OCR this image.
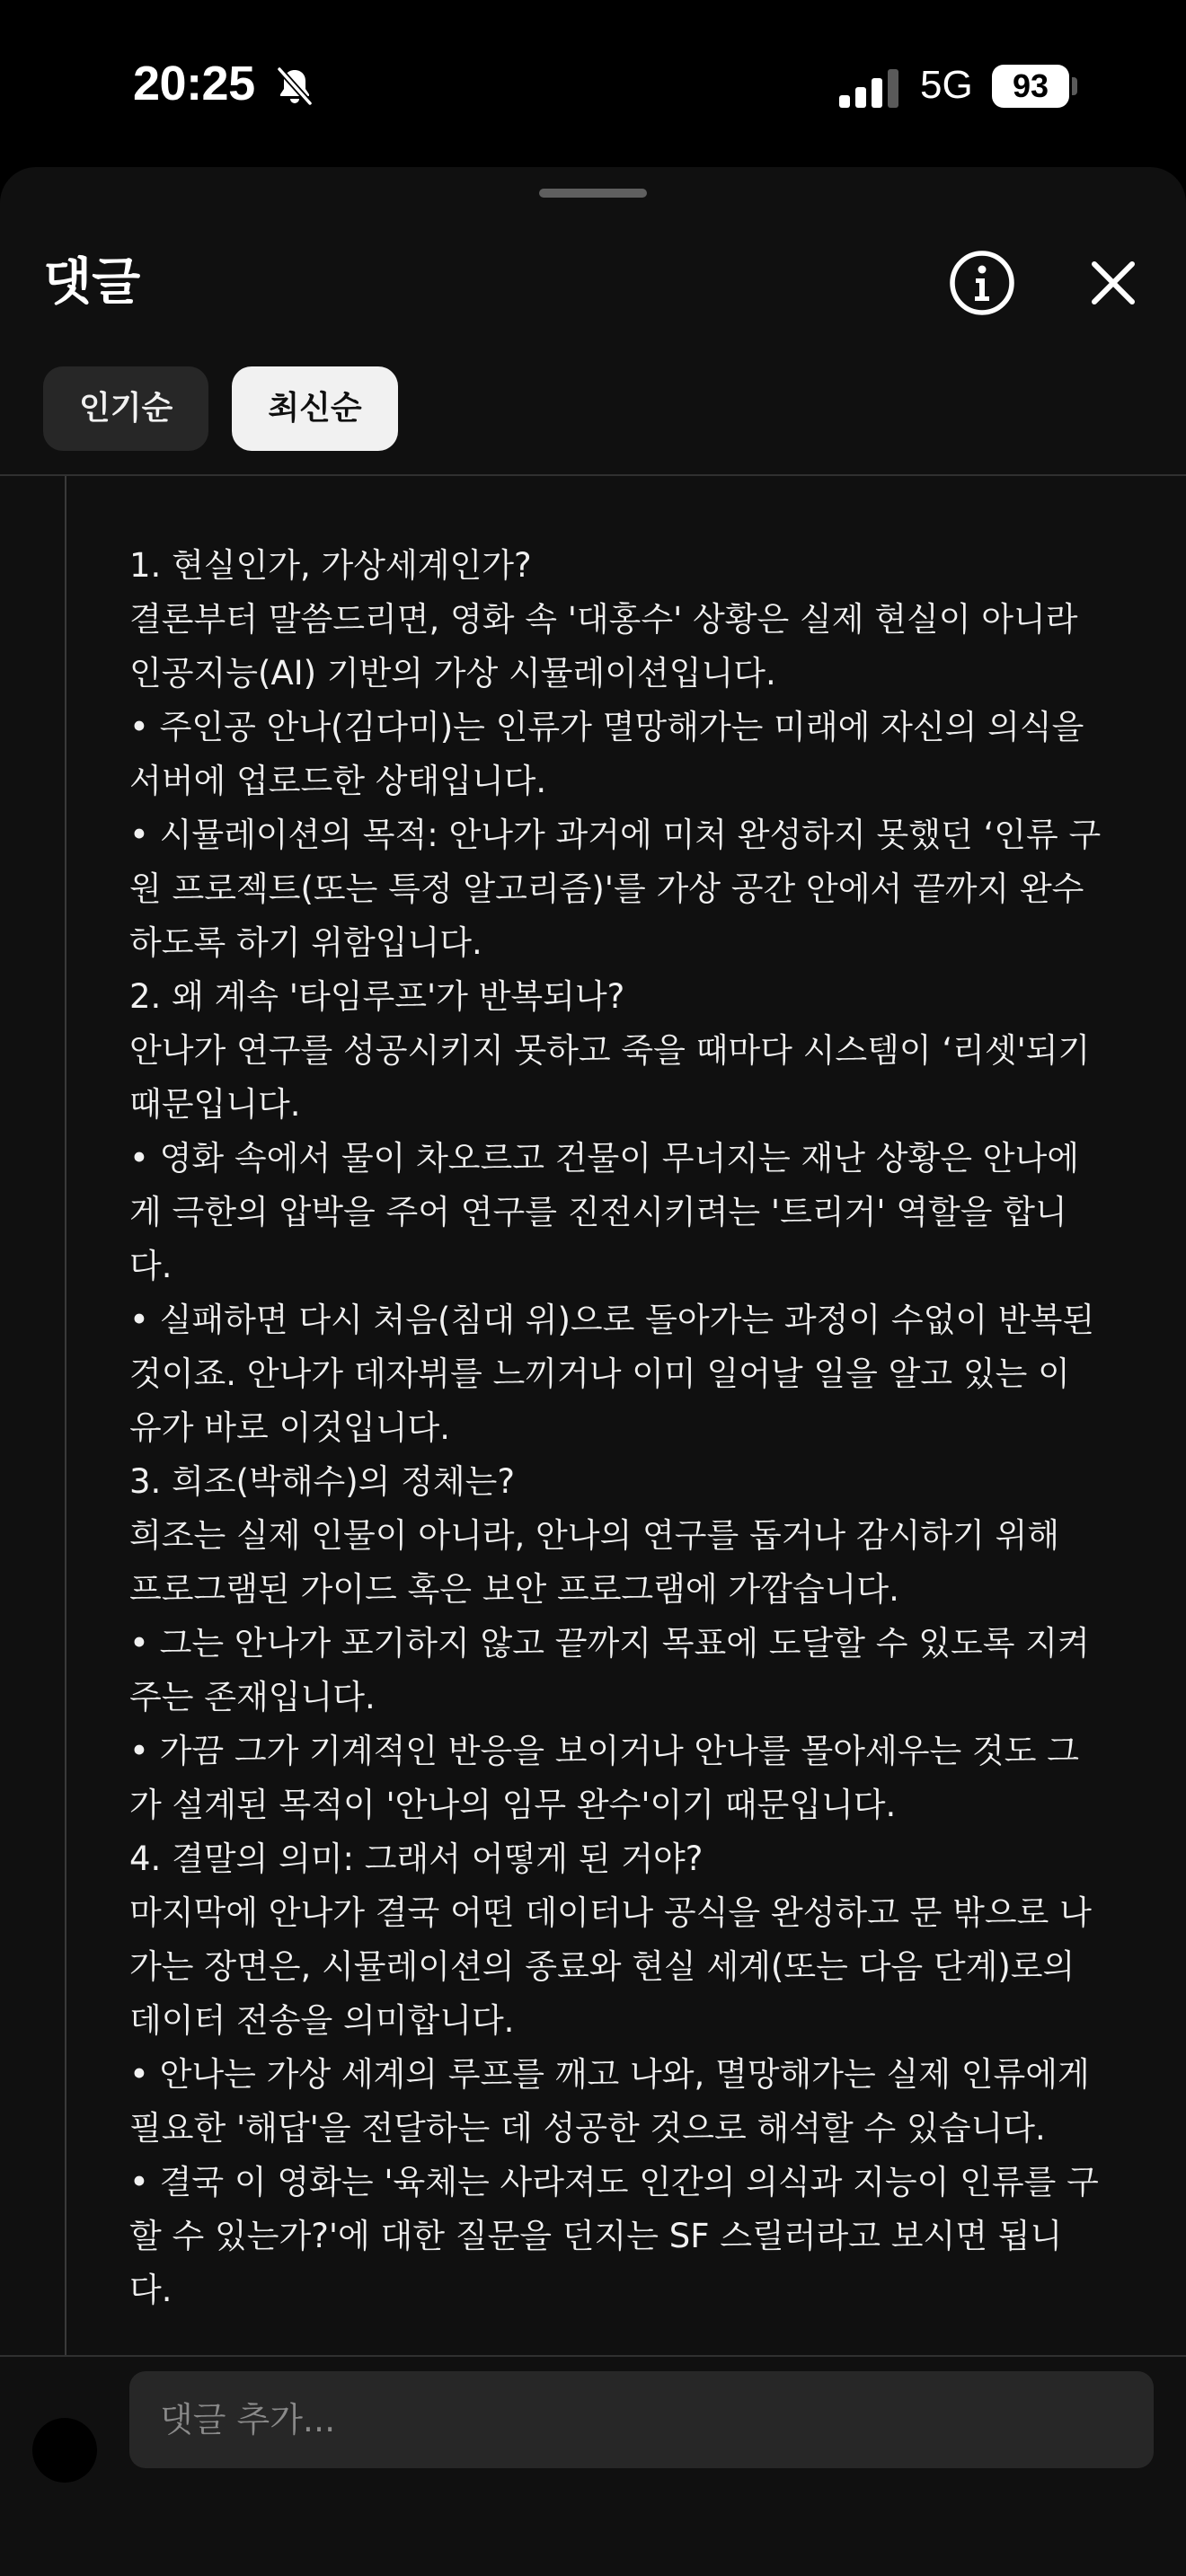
20:25	5G	93
댓글
인기순	최신순
1. 현실인가, 가상세계인가?
결론부터 말씀드리면, 영화 속 '대홍수' 상황은 실제 현실이 아니라
인공지능(AI) 기반의 가상 시뮬레이션입니다.
• 주인공 안나(김다미)는 인류가 멸망해가는 미래에 자신의 의식을
서버에 업로드한 상태입니다.
• 시뮬레이션의 목적: 안나가 과거에 미처 완성하지 못했던 ‘인류 구
원 프로젝트(또는 특정 알고리즘)'를 가상 공간 안에서 끝까지 완수
하도록 하기 위함입니다.
2. 왜 계속 '타임루프'가 반복되나?
안나가 연구를 성공시키지 못하고 죽을 때마다 시스템이 ‘리셋'되기
때문입니다.
• 영화 속에서 물이 차오르고 건물이 무너지는 재난 상황은 안나에
게 극한의 압박을 주어 연구를 진전시키려는 '트리거' 역할을 합니
다.
• 실패하면 다시 처음(침대 위)으로 돌아가는 과정이 수없이 반복된
것이죠. 안나가 데자뷔를 느끼거나 이미 일어날 일을 알고 있는 이
유가 바로 이것입니다.
3. 희조(박해수)의 정체는?
희조는 실제 인물이 아니라, 안나의 연구를 돕거나 감시하기 위해
프로그램된 가이드 혹은 보안 프로그램에 가깝습니다.
• 그는 안나가 포기하지 않고 끝까지 목표에 도달할 수 있도록 지켜
주는 존재입니다.
• 가끔 그가 기계적인 반응을 보이거나 안나를 몰아세우는 것도 그
가 설계된 목적이 '안나의 임무 완수'이기 때문입니다.
4. 결말의 의미: 그래서 어떻게 된 거야?
마지막에 안나가 결국 어떤 데이터나 공식을 완성하고 문 밖으로 나
가는 장면은, 시뮬레이션의 종료와 현실 세계(또는 다음 단계)로의
데이터 전송을 의미합니다.
• 안나는 가상 세계의 루프를 깨고 나와, 멸망해가는 실제 인류에게
필요한 '해답'을 전달하는 데 성공한 것으로 해석할 수 있습니다.
• 결국 이 영화는 '육체는 사라져도 인간의 의식과 지능이 인류를 구
할 수 있는가?'에 대한 질문을 던지는 SF 스릴러라고 보시면 됩니
다.
댓글 추가...
